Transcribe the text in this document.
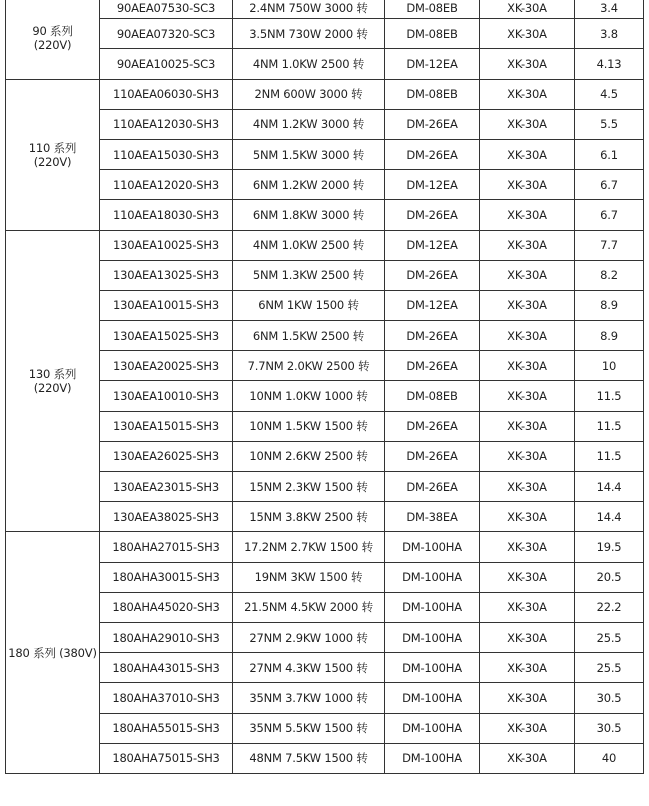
90 系列
(220V)	90AEA07530-SC3	2.4NM 750W 3000 转	DM-08EB	XK-30A	3.4
	90AEA07320-SC3	3.5NM 730W 2000 转	DM-08EB	XK-30A	3.8
	90AEA10025-SC3	4NM 1.0KW 2500 转	DM-12EA	XK-30A	4.13

110 系列
(220V)	110AEA06030-SH3	2NM 600W 3000 转	DM-08EB	XK-30A	4.5
	110AEA12030-SH3	4NM 1.2KW 3000 转	DM-26EA	XK-30A	5.5
	110AEA15030-SH3	5NM 1.5KW 3000 转	DM-26EA	XK-30A	6.1
	110AEA12020-SH3	6NM 1.2KW 2000 转	DM-12EA	XK-30A	6.7
	110AEA18030-SH3	6NM 1.8KW 3000 转	DM-26EA	XK-30A	6.7

130 系列
(220V)	130AEA10025-SH3	4NM 1.0KW 2500 转	DM-12EA	XK-30A	7.7
	130AEA13025-SH3	5NM 1.3KW 2500 转	DM-26EA	XK-30A	8.2
	130AEA10015-SH3	6NM 1KW 1500 转	DM-12EA	XK-30A	8.9
	130AEA15025-SH3	6NM 1.5KW 2500 转	DM-26EA	XK-30A	8.9
	130AEA20025-SH3	7.7NM 2.0KW 2500 转	DM-26EA	XK-30A	10
	130AEA10010-SH3	10NM 1.0KW 1000 转	DM-08EB	XK-30A	11.5
	130AEA15015-SH3	10NM 1.5KW 1500 转	DM-26EA	XK-30A	11.5
	130AEA26025-SH3	10NM 2.6KW 2500 转	DM-26EA	XK-30A	11.5
	130AEA23015-SH3	15NM 2.3KW 1500 转	DM-26EA	XK-30A	14.4
	130AEA38025-SH3	15NM 3.8KW 2500 转	DM-38EA	XK-30A	14.4
180 系列 (380V)	180AHA27015-SH3	17.2NM 2.7KW 1500 转	DM-100HA	XK-30A	19.5
	180AHA30015-SH3	19NM 3KW 1500 转	DM-100HA	XK-30A	20.5
	180AHA45020-SH3	21.5NM 4.5KW 2000 转	DM-100HA	XK-30A	22.2
	180AHA29010-SH3	27NM 2.9KW 1000 转	DM-100HA	XK-30A	25.5
	180AHA43015-SH3	27NM 4.3KW 1500 转	DM-100HA	XK-30A	25.5
	180AHA37010-SH3	35NM 3.7KW 1000 转	DM-100HA	XK-30A	30.5
	180AHA55015-SH3	35NM 5.5KW 1500 转	DM-100HA	XK-30A	30.5
	180AHA75015-SH3	48NM 7.5KW 1500 转	DM-100HA	XK-30A	40
